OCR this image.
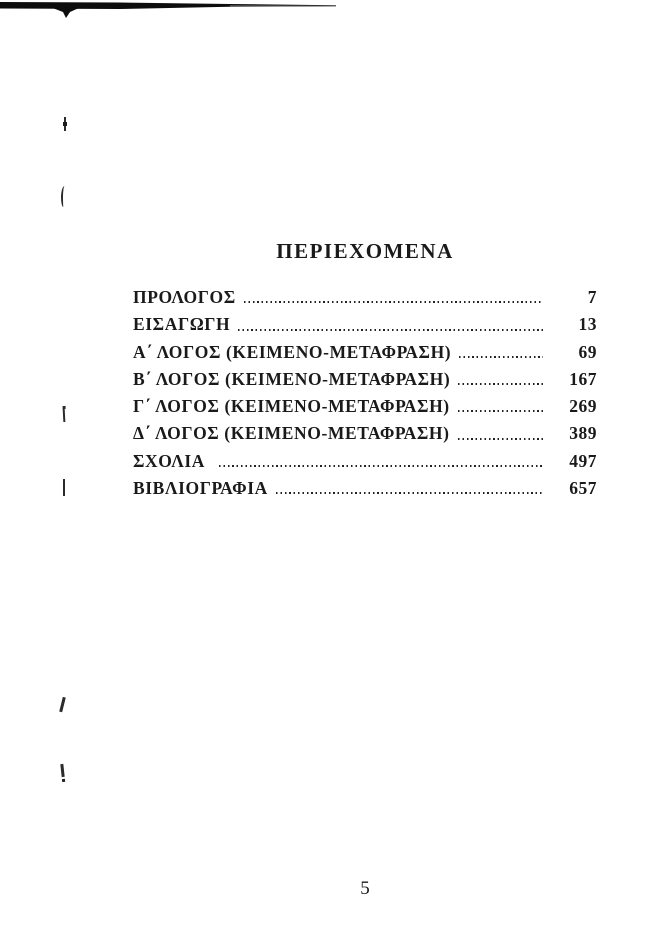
ΠΕΡΙΕΧΟΜΕΝΑ
ΠΡΟΛΟΓΟΣ	7
ΕΙΣΑΓΩΓΗ	13
Α΄ ΛΟΓΟΣ (ΚΕΙΜΕΝΟ-ΜΕΤΑΦΡΑΣΗ)	69
Β΄ ΛΟΓΟΣ (ΚΕΙΜΕΝΟ-ΜΕΤΑΦΡΑΣΗ)	167
Γ΄ ΛΟΓΟΣ (ΚΕΙΜΕΝΟ-ΜΕΤΑΦΡΑΣΗ)	269
Δ΄ ΛΟΓΟΣ (ΚΕΙΜΕΝΟ-ΜΕΤΑΦΡΑΣΗ)	389
ΣΧΟΛΙΑ	497
ΒΙΒΛΙΟΓΡΑΦΙΑ	657
5
